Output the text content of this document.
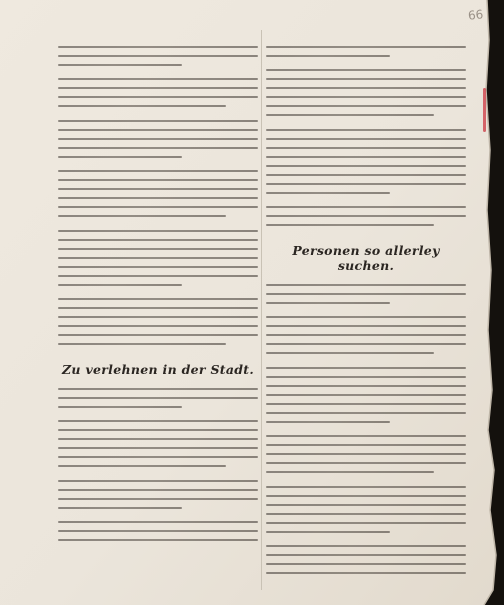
66
Zu verlehnen in der Stadt.
Personen so allerley suchen.
